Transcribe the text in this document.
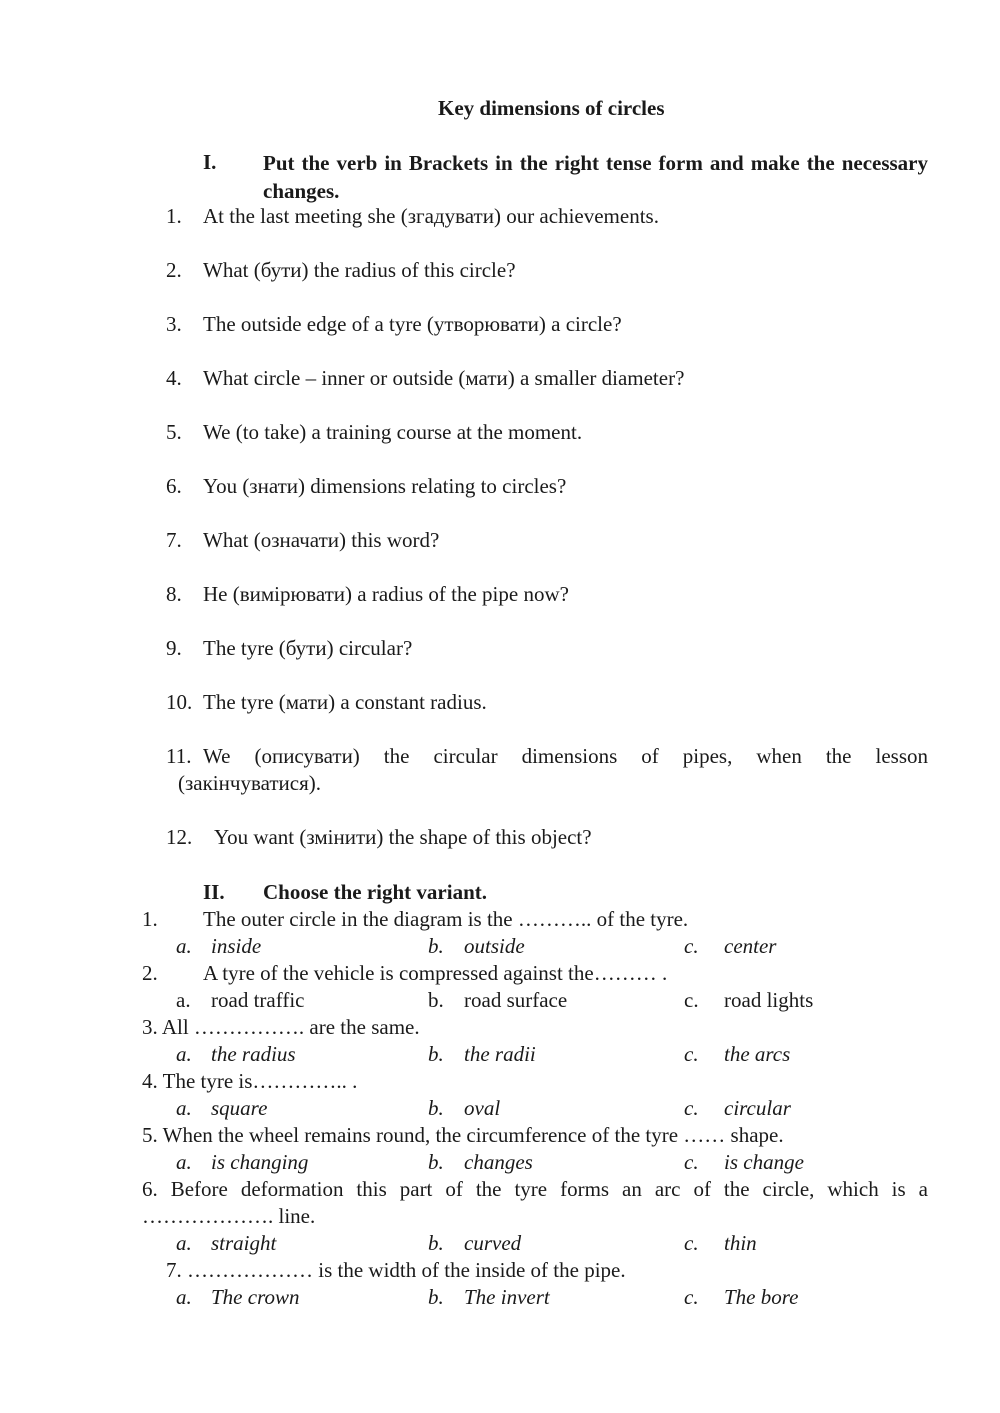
Key dimensions of circles
I. Put the verb in Brackets in the right tense form and make the necessary changes.
1. At the last meeting she (згадувати) our achievements.
2. What (бути) the radius of this circle?
3. The outside edge of a tyre (утворювати) a circle?
4. What circle – inner or outside (мати) a smaller diameter?
5. We (to take) a training course at the moment.
6. You (знати) dimensions relating to circles?
7. What (означати) this word?
8. He (вимірювати) a radius of the pipe now?
9. The tyre (бути) circular?
10. The tyre (мати) a constant radius.
11. We (описувати) the circular dimensions of pipes, when the lesson
(закінчуватися).
12. You want (змінити) the shape of this object?
II. Choose the right variant.
1. The outer circle in the diagram is the ……….. of the tyre.
a. inside	b. outside	c. center
2. A tyre of the vehicle is compressed against the……… .
a. road traffic	b. road surface	c. road lights
3. All ……………. are the same.
a. the radius	b. the radii	c. the arcs
4. The tyre is………….. .
a. square	b. oval	c. circular
5. When the wheel remains round, the circumference of the tyre …… shape.
a. is changing	b. changes	c. is change
6. Before deformation this part of the tyre forms an arc of the circle, which is a
………………. line.
a. straight	b. curved	c. thin
7. ……………… is the width of the inside of the pipe.
a. The crown	b. The invert	c. The bore
